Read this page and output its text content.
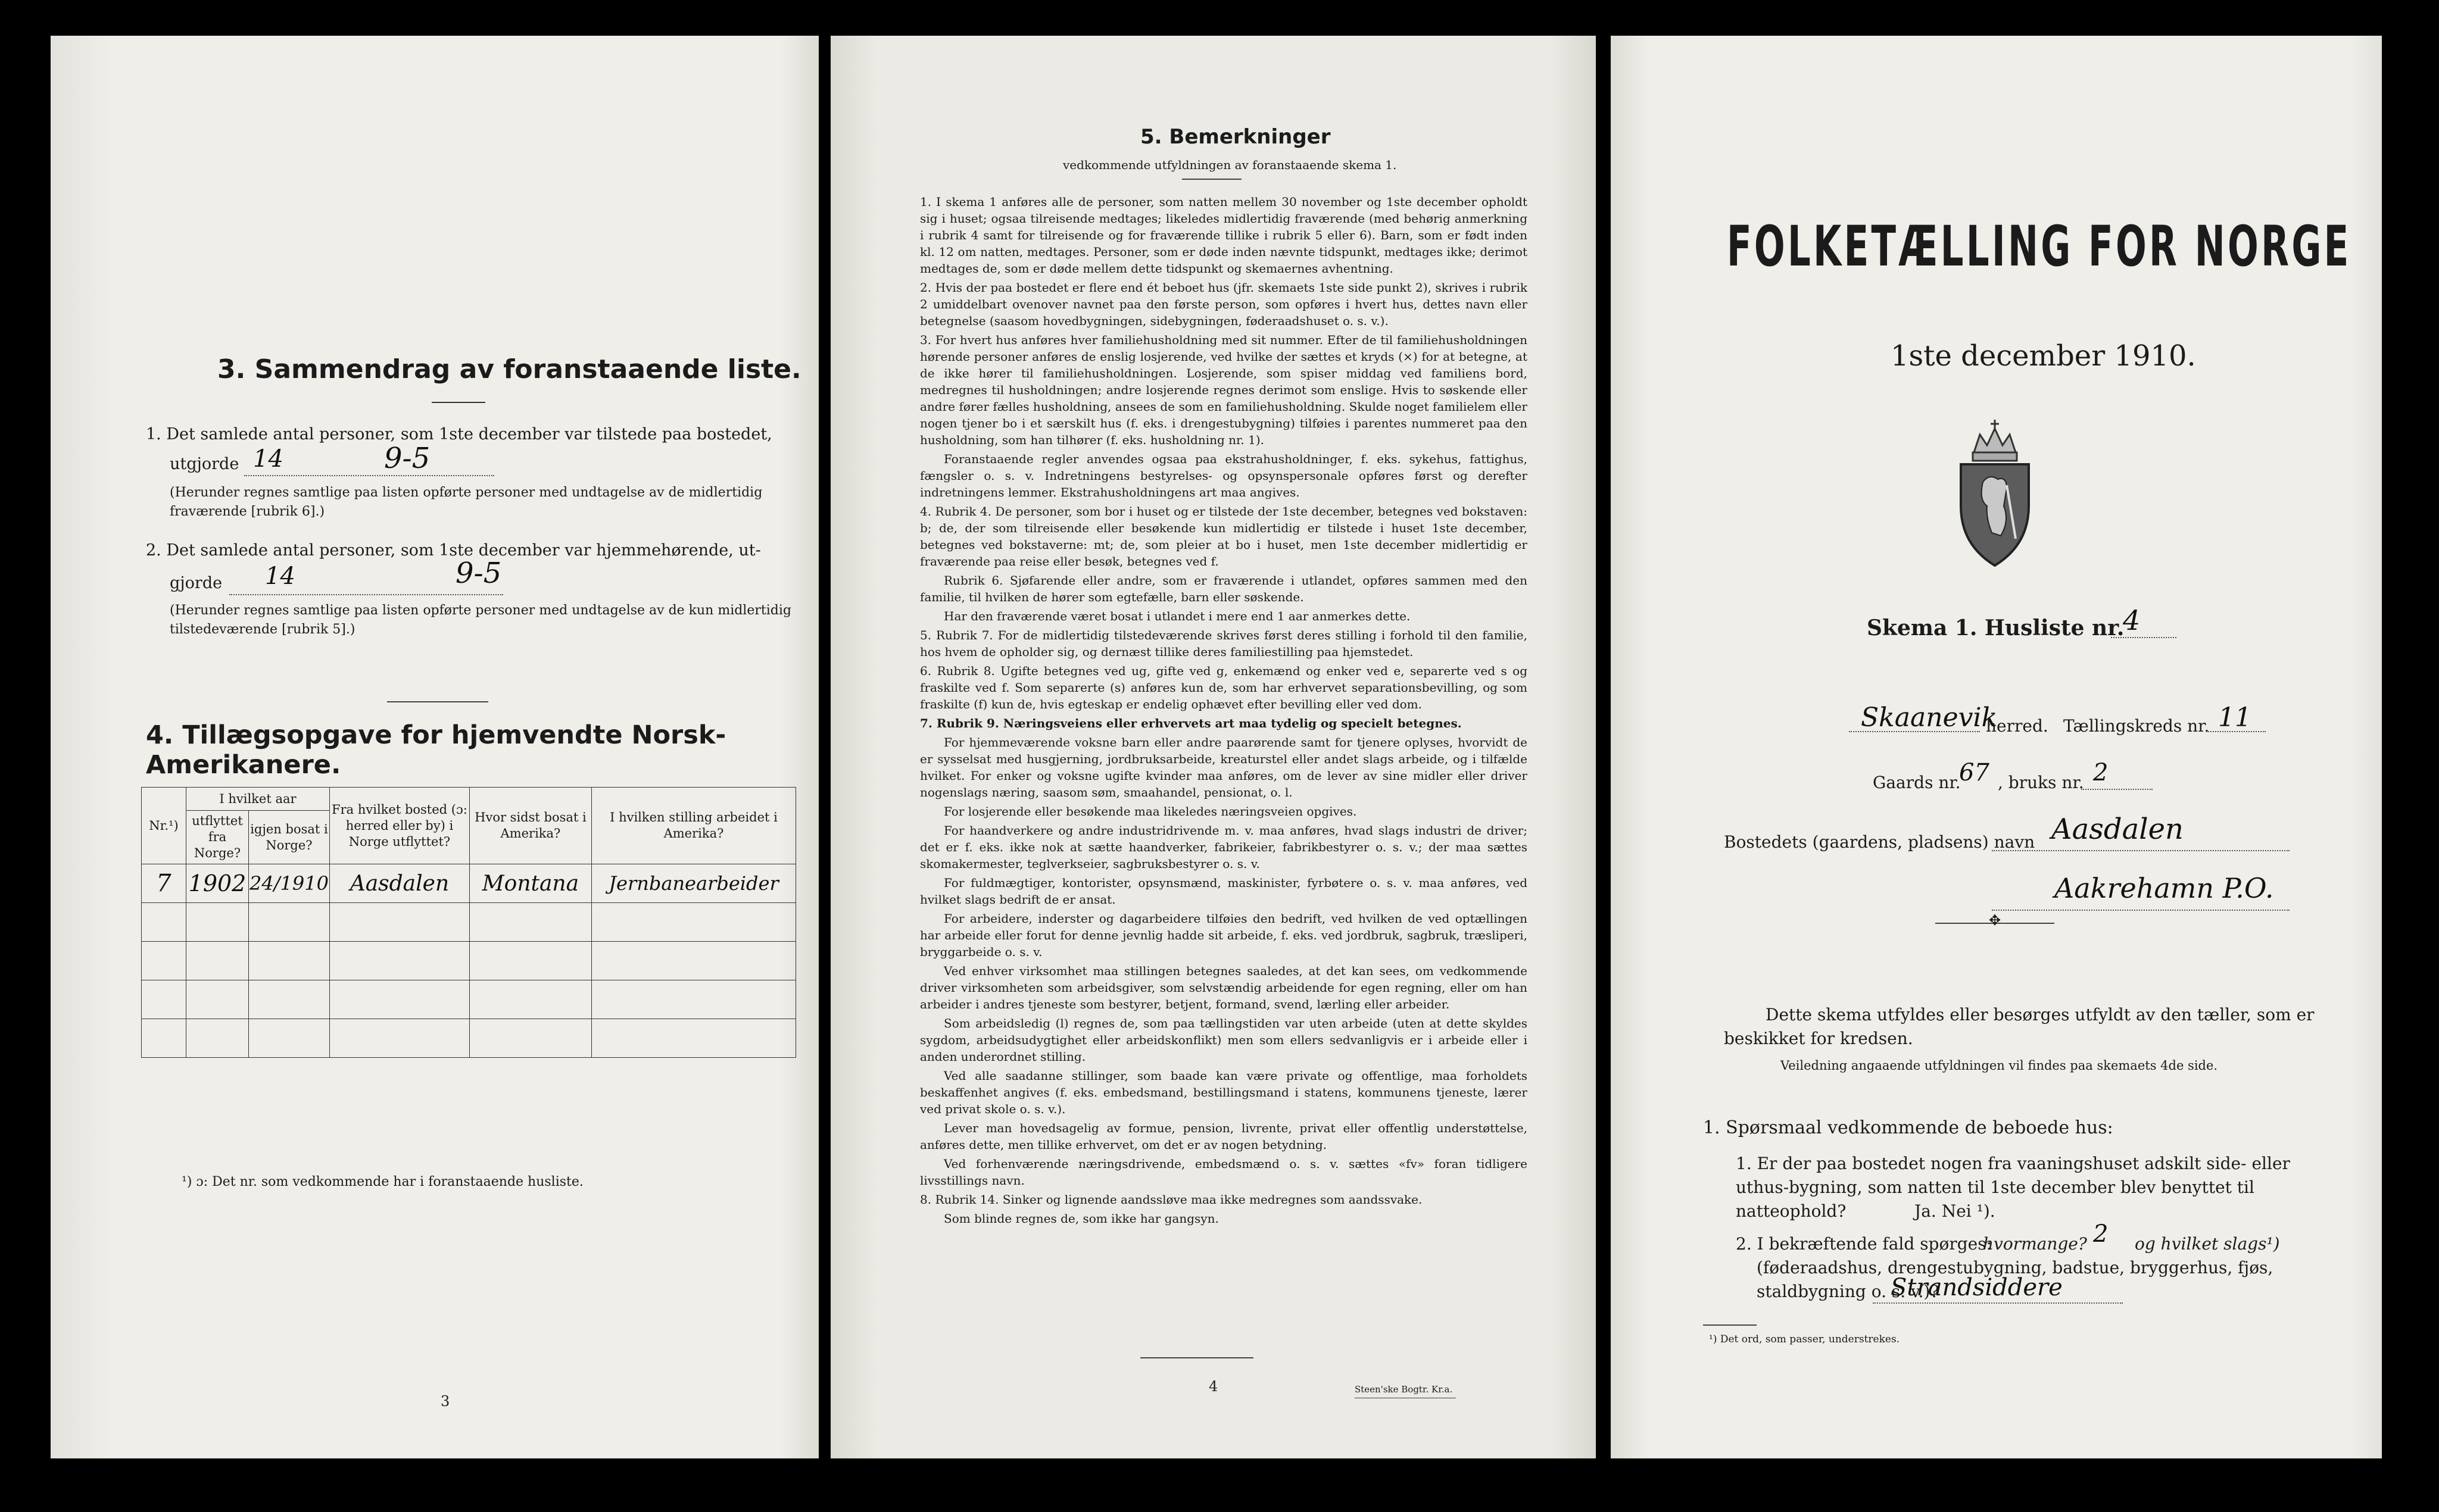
3. Sammendrag av foranstaaende liste.
1. Det samlede antal personer, som 1ste december var tilstede paa bostedet,
utgjorde 14	9-5
(Herunder regnes samtlige paa listen opførte personer med undtagelse av de midlertidig fraværende [rubrik 6].)
2. Det samlede antal personer, som 1ste december var hjemmehørende, ut-
gjorde 14	9-5
(Herunder regnes samtlige paa listen opførte personer med undtagelse av de kun midlertidig tilstedeværende [rubrik 5].)
4. Tillægsopgave for hjemvendte Norsk-Amerikanere.
Nr.¹)	I hvilket aar		Fra hvilket bosted (ɔ: herred eller by) i Norge utflyttet?	Hvor sidst bosat i Amerika?	I hvilken stilling arbeidet i Amerika?
	utflyttet fra Norge?	igjen bosat i Norge?			
7	1902	24/1910	Aasdalen	Montana	Jernbanearbeider

¹) ɔ: Det nr. som vedkommende har i foranstaaende husliste.
3
5. Bemerkninger
vedkommende utfyldningen av foranstaaende skema 1.

1. I skema 1 anføres alle de personer, som natten mellem 30 november og 1ste december opholdt sig i huset; ogsaa tilreisende medtages; likeledes midlertidig fraværende (med behørig anmerkning i rubrik 4 samt for tilreisende og for fraværende tillike i rubrik 5 eller 6). Barn, som er født inden kl. 12 om natten, medtages. Personer, som er døde inden nævnte tidspunkt, medtages ikke; derimot medtages de, som er døde mellem dette tidspunkt og skemaernes avhentning.

2. Hvis der paa bostedet er flere end ét beboet hus (jfr. skemaets 1ste side punkt 2), skrives i rubrik 2 umiddelbart ovenover navnet paa den første person, som opføres i hvert hus, dettes navn eller betegnelse (saasom hovedbygningen, sidebygningen, føderaadshuset o. s. v.).

3. For hvert hus anføres hver familiehusholdning med sit nummer. Efter de til familiehusholdningen hørende personer anføres de enslig losjerende, ved hvilke der sættes et kryds (×) for at betegne, at de ikke hører til familiehusholdningen. Losjerende, som spiser middag ved familiens bord, medregnes til husholdningen; andre losjerende regnes derimot som enslige. Hvis to søskende eller andre fører fælles husholdning, ansees de som en familiehusholdning. Skulde noget familielem eller nogen tjener bo i et særskilt hus (f. eks. i drengestubygning) tilføies i parentes nummeret paa den husholdning, som han tilhører (f. eks. husholdning nr. 1).

Foranstaaende regler anvendes ogsaa paa ekstrahusholdninger, f. eks. sykehus, fattighus, fængsler o. s. v. Indretningens bestyrelses- og opsynspersonale opføres først og derefter indretningens lemmer. Ekstrahusholdningens art maa angives.

4. Rubrik 4. De personer, som bor i huset og er tilstede der 1ste december, betegnes ved bokstaven: b; de, der som tilreisende eller besøkende kun midlertidig er tilstede i huset 1ste december, betegnes ved bokstaverne: mt; de, som pleier at bo i huset, men 1ste december midlertidig er fraværende paa reise eller besøk, betegnes ved f.

Rubrik 6. Sjøfarende eller andre, som er fraværende i utlandet, opføres sammen med den familie, til hvilken de hører som egtefælle, barn eller søskende.

Har den fraværende været bosat i utlandet i mere end 1 aar anmerkes dette.

5. Rubrik 7. For de midlertidig tilstedeværende skrives først deres stilling i forhold til den familie, hos hvem de opholder sig, og dernæst tillike deres familiestilling paa hjemstedet.

6. Rubrik 8. Ugifte betegnes ved ug, gifte ved g, enkemænd og enker ved e, separerte ved s og fraskilte ved f. Som separerte (s) anføres kun de, som har erhvervet separationsbevilling, og som fraskilte (f) kun de, hvis egteskap er endelig ophævet efter bevilling eller ved dom.

7. Rubrik 9. Næringsveiens eller erhvervets art maa tydelig og specielt betegnes.

For hjemmeværende voksne barn eller andre paarørende samt for tjenere oplyses, hvorvidt de er sysselsat med husgjerning, jordbruksarbeide, kreaturstel eller andet slags arbeide, og i tilfælde hvilket. For enker og voksne ugifte kvinder maa anføres, om de lever av sine midler eller driver nogenslags næring, saasom søm, smaahandel, pensionat, o. l.

For losjerende eller besøkende maa likeledes næringsveien opgives.

For haandverkere og andre industridrivende m. v. maa anføres, hvad slags industri de driver; det er f. eks. ikke nok at sætte haandverker, fabrikeier, fabrikbestyrer o. s. v.; der maa sættes skomakermester, teglverkseier, sagbruksbestyrer o. s. v.

For fuldmægtiger, kontorister, opsynsmænd, maskinister, fyrbøtere o. s. v. maa anføres, ved hvilket slags bedrift de er ansat.

For arbeidere, inderster og dagarbeidere tilføies den bedrift, ved hvilken de ved optællingen har arbeide eller forut for denne jevnlig hadde sit arbeide, f. eks. ved jordbruk, sagbruk, træsliperi, bryggarbeide o. s. v.

Ved enhver virksomhet maa stillingen betegnes saaledes, at det kan sees, om vedkommende driver virksomheten som arbeidsgiver, som selvstændig arbeidende for egen regning, eller om han arbeider i andres tjeneste som bestyrer, betjent, formand, svend, lærling eller arbeider.

Som arbeidsledig (l) regnes de, som paa tællingstiden var uten arbeide (uten at dette skyldes sygdom, arbeidsudygtighet eller arbeidskonflikt) men som ellers sedvanligvis er i arbeide eller i anden underordnet stilling.

Ved alle saadanne stillinger, som baade kan være private og offentlige, maa forholdets beskaffenhet angives (f. eks. embedsmand, bestillingsmand i statens, kommunens tjeneste, lærer ved privat skole o. s. v.).

Lever man hovedsagelig av formue, pension, livrente, privat eller offentlig understøttelse, anføres dette, men tillike erhvervet, om det er av nogen betydning.

Ved forhenværende næringsdrivende, embedsmænd o. s. v. sættes «fv» foran tidligere livsstillings navn.

8. Rubrik 14. Sinker og lignende aandssløve maa ikke medregnes som aandssvake.

Som blinde regnes de, som ikke har gangsyn.

4	Steen'ske Bogtr. Kr.a.
FOLKETÆLLING FOR NORGE
1ste december 1910.
Skema 1. Husliste nr.
4
Skaanevik
herred. Tællingskreds nr. 11
Gaards nr.
67 , bruks nr. 2
Bostedets (gaardens, pladsens) navn Aasdalen
Aakrehamn P.O.
✥
Dette skema utfyldes eller besørges utfyldt av den tæller, som er beskikket for kredsen.
Veiledning angaaende utfyldningen vil findes paa skemaets 4de side.
1. Spørsmaal vedkommende de beboede hus:
1. Er der paa bostedet nogen fra vaaningshuset adskilt side- eller uthus-bygning, som natten til 1ste december blev benyttet til natteophold?	Ja. Nei ¹).
2. I bekræftende fald spørges:
hvormange? 2 og hvilket slags¹)
(føderaadshus, drengestubygning, badstue, bryggerhus, fjøs, staldbygning o. s. v.)?
Strandsiddere
¹) Det ord, som passer, understrekes.
